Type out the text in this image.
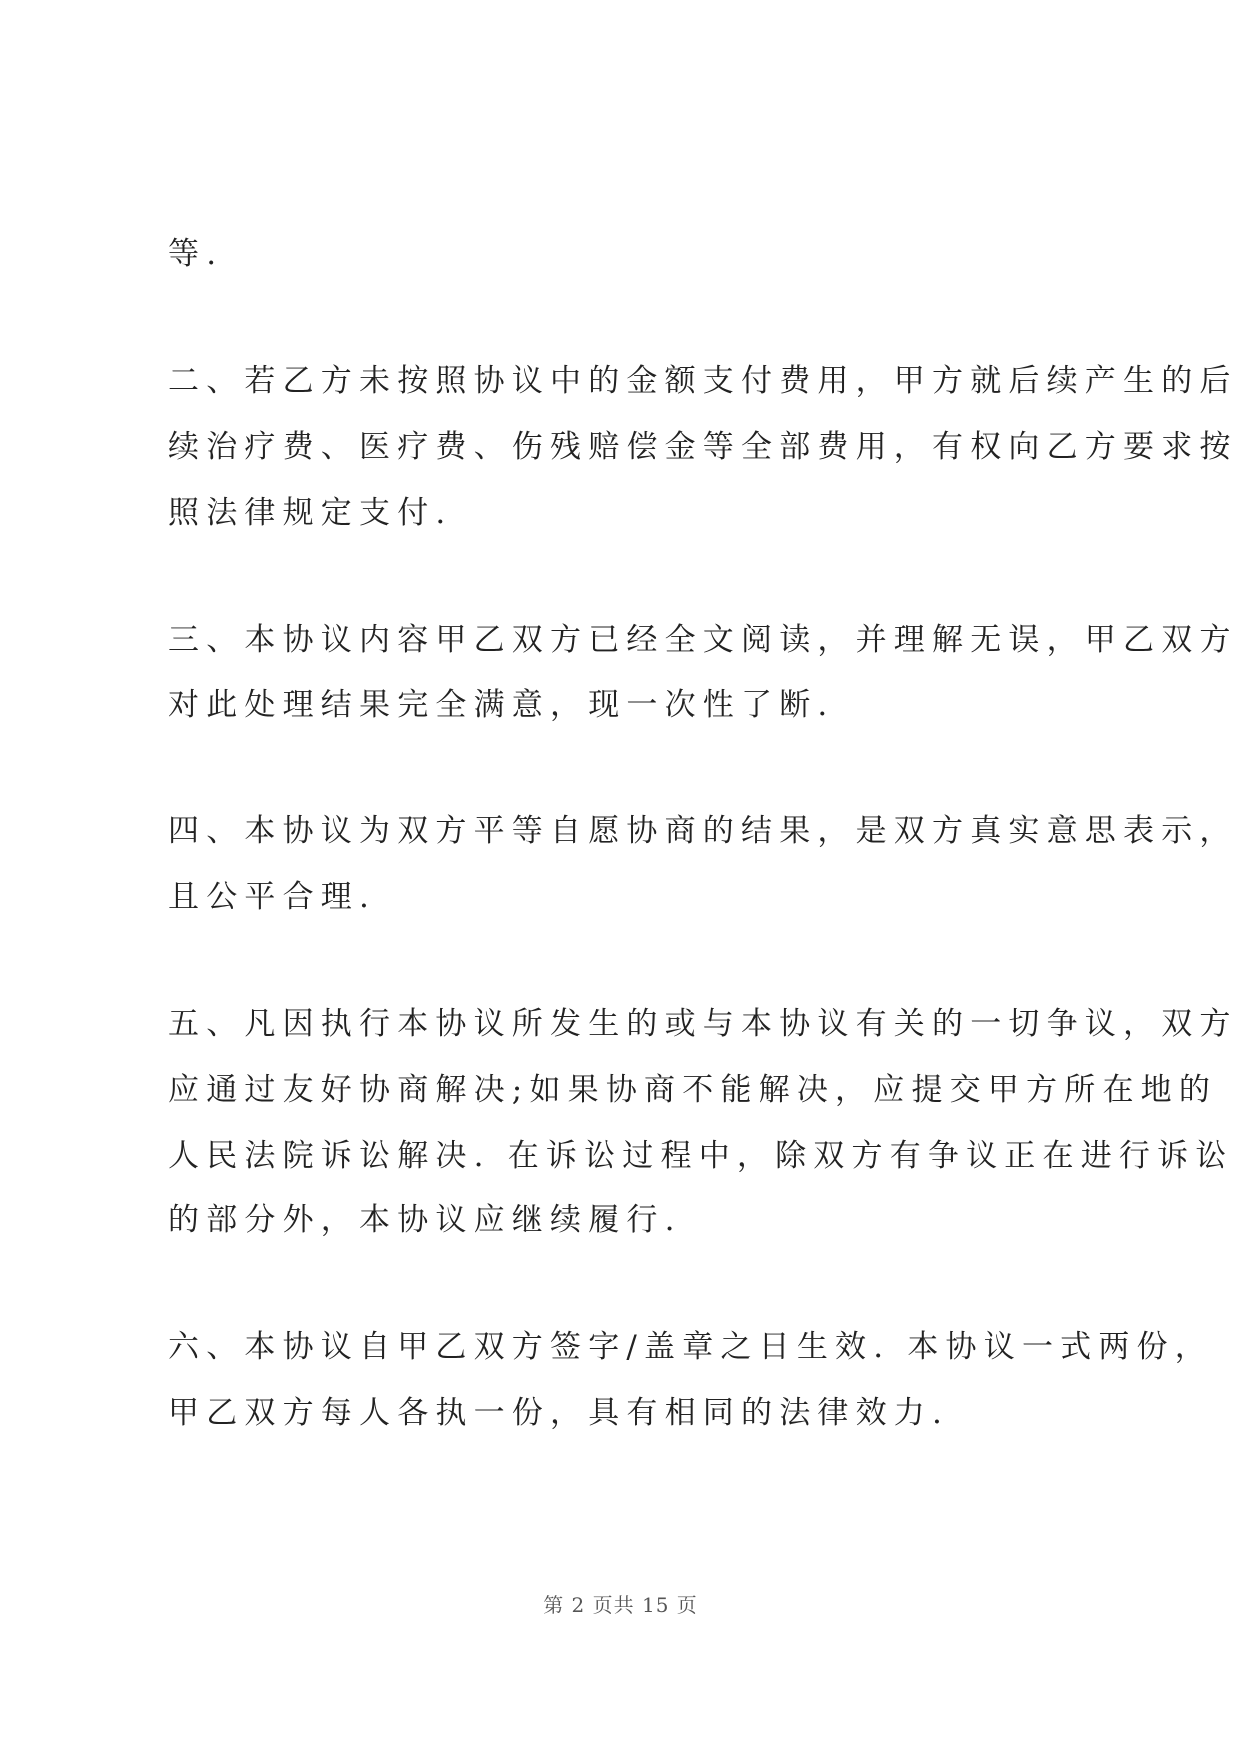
等.
二、若乙方未按照协议中的金额支付费用，甲方就后续产生的后
续治疗费、医疗费、伤残赔偿金等全部费用，有权向乙方要求按
照法律规定支付.
三、本协议内容甲乙双方已经全文阅读，并理解无误，甲乙双方
对此处理结果完全满意，现一次性了断.
四、本协议为双方平等自愿协商的结果，是双方真实意思表示，
且公平合理.
五、凡因执行本协议所发生的或与本协议有关的一切争议，双方
应通过友好协商解决;如果协商不能解决，应提交甲方所在地的
人民法院诉讼解决. 在诉讼过程中，除双方有争议正在进行诉讼
的部分外，本协议应继续履行.
六、本协议自甲乙双方签字/盖章之日生效. 本协议一式两份，
甲乙双方每人各执一份，具有相同的法律效力.
第 2 页共 15 页
